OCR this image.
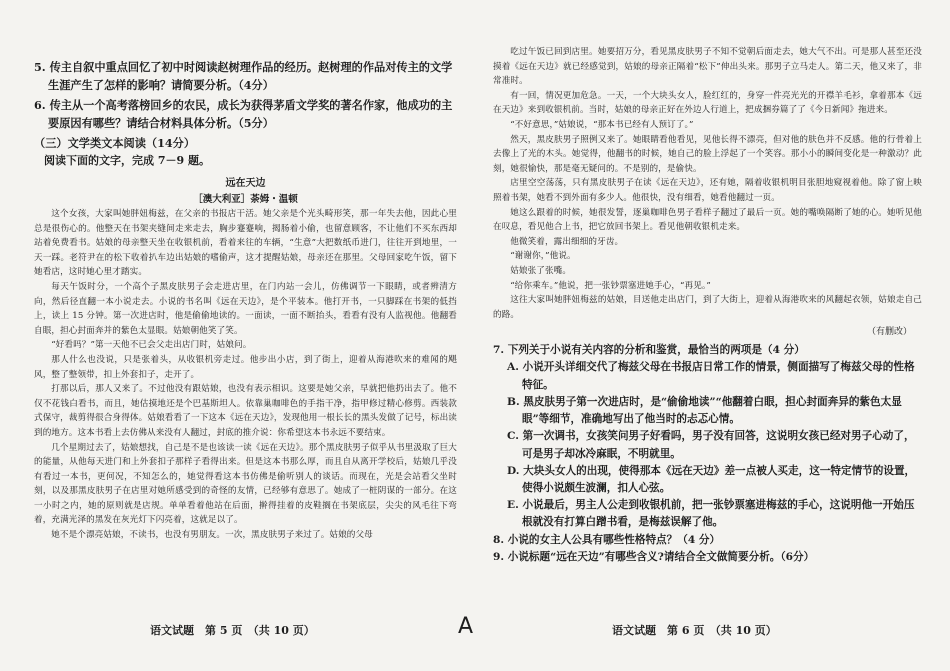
5. 传主自叙中重点回忆了初中时阅读赵树理作品的经历。赵树理的作品对传主的文学生涯产生了怎样的影响？请简要分析。（4分）

6. 传主从一个高考落榜回乡的农民，成长为获得茅盾文学奖的著名作家，他成功的主要原因有哪些？请结合材料具体分析。（5分）

（三）文学类文本阅读（14分）
阅读下面的文字，完成 7－9 题。
远在天边
［澳大利亚］荼姆・温顿

这个女孩，大家叫她胖妞梅兹，在父亲的书报店干活。她父亲是个光头畸形笑，那一年失去他，因此心里总是很伤心的。他整天在书架夹缝间走来走去，胸步蹇蹇响，揭肠着小偷，也留意顾客，不让他们不买东西却站着免费看书。姑娘的母亲整天坐在收银机前，看着来往的车辆，“生意”大把数纸币进门，往往开到地里，一天一踩。老符尹在的松下收着扒车边出姑娘的嗜偷声，这才提醒姑娘，母亲还在那里。父母回家吃午饭，留下她看店，这时她心里才踏实。

每天午饭时分，一个高个子黑皮肤男子会走进店里，在门内站一会儿，仿佛调节一下眼睛，或者辨清方向，然后径直翻一本小说走去。小说的书名叫《远在天边》，是个平装本。他打开书，一只脚踩在书架的低挡上，读上 15 分钟。第一次进店时，他是偷偷地读的。一面读，一面不断抬头，看看有没有人监视他。他翻看自眼，担心封面奔并的紫色太显眼。姑娘朝他笑了笑。

“好看吗？”第一天他不已会父走出店门时，姑娘问。

那人什么也没说，只是张着头，从收银机旁走过。他步出小店，到了街上，迎着从海港吹来的难闻的飓风，整了整领带，扣上外套扣子，走开了。

打那以后，那人又来了。不过他没有跟姑娘，也没有表示相识。这要是她父亲，早就把他扔出去了。他不仅不花钱白看书，而且，她估摸地还是个巴基斯坦人。依靠巢咖啡色的手指干净，指甲修过精心修剪。西装款式保守，裁剪得很合身得体。姑娘看看了一下这本《远在天边》，发现他用一根长长的黑头发做了记号，标出读到的地方。这本书看上去仿佛从来没有人翻过，封底的推介说：你希望这本书永远不要结束。

几个星期过去了，姑娘想找，自己是不是也该读一读《远在天边》。那个黑皮肤男子似乎从书里汲取了巨大的能量，从他每天进门和上外套扣子那样子看得出来。但是这本书那么厚，而且自从离开学校后，姑娘几乎没有看过一本书，更何况，不知怎么的，她觉得看这本书仿佛是偷听别人的谈话。而现在，光是会站看父坐时刻，以及那黑皮肤男子在店里对她所感受到的奇怪的友情，已经够有意思了。她成了一桩阴谋的一部分。在这一小时之内，她的原则就是店规。单单看着他站在后面，擀得挂着的皮鞋搁在书架底层，尖尖的风毛往下弯着，充满光泽的黑发在灰光灯下闪亮着，这就足以了。

她不是个漂亮姑娘，不读书，也没有男朋友。一次，黑皮肤男子来过了。姑娘的父母

吃过午饭已回到店里。她要招万分，看见黑皮肤男子不知不觉朝后面走去，她大气不出。可是那人甚至还没摸着《远在天边》就已经感觉到，姑娘的母亲正隔着“松下”伸出头来。那男子立马走人。第二天，他又来了，非常准时。

有一回，情况更加危急。一天，一个大块头女人，脸红红的，身穿一件亮光光的开襟羊毛衫，拿着那本《远在天边》来到收银机前。当时，姑娘的母亲正好在外边人行道上，把成捆券篇了了《今日新闻》拖进来。

“不好意思，”姑娘说，“那本书已经有人预订了。”

然天，黑皮肤男子照例又来了。她眼睛看他看见，见他长得不漂亮，但对他的肤色并不反感。他的行骨着上去像上了光的木头。她觉得，他翻书的时候，她自己的脸上浮起了一个笑容。那小小的瞬间变化是一种激动？此刻，她很愉快，那是毫无疑问的。不是别的，是偷快。

店里空空荡荡，只有黑皮肤男子在读《远在天边》，还有她，隔着收银机明目张胆地窥视着他。除了窗上映照着书架，她看不到外面有多少人。他很快，没有细看，她看他翻过一页。

她这么跟着的时候，她很发誓，逐巢咖啡色男子看样子翻过了最后一页。她的嘴唤隔断了她的心。她听见他在叹息，看见他合上书，把它放回书架上。看见他朝收银机走来。

他微笑着，露出细细的牙齿。

“谢谢你，”他说。

姑娘张了张嘴。

“给你乘车。”他说，把一张钞票塞进她手心，“再见。”

这往大家叫她胖妞梅兹的姑娘，目送他走出店门，到了大街上，迎着从海港吹来的风翻起衣领，姑娘走自己的路。

（有删改）

7. 下列关于小说有关内容的分析和鉴赏，最恰当的两项是（4 分）

A. 小说开头详细交代了梅兹父母在书报店日常工作的情景，侧面描写了梅兹父母的性格特征。

B. 黑皮肤男子第一次进店时，是“偷偷地读”“他翻着白眼，担心封面奔异的紫色太显眼”等细节，准确地写出了他当时的忐忑心情。

C. 第一次调书，女孩笑问男子好看吗，男子没有回答，这说明女孩已经对男子心动了，可是男子却冰冷麻眠，不明就里。

D. 大块头女人的出现，使得那本《远在天边》差一点被人买走，这一特定情节的设置，使得小说颇生波澜，扣人心弦。

E. 小说最后，男主人公走到收银机前，把一张钞票塞进梅兹的手心，这说明他一开始压根就没有打算白蹭书看，是梅兹误解了他。

8. 小说的女主人公具有哪些性格特点？（4 分）

9. 小说标题“远在天边”有哪些含义?请结合全文做简要分析。（6分）

语文试题　第 5 页　（共 10 页）	A	语文试题　第 6 页　（共 10 页）
